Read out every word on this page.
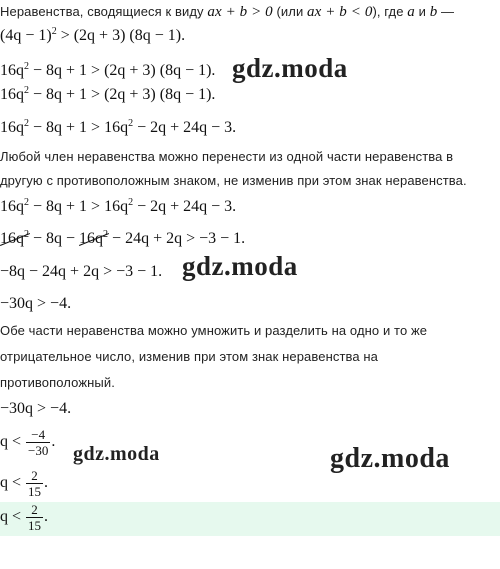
Неравенства, сводящиеся к виду ax + b > 0 (или ax + b < 0), где a и b —
$(4q - 1)^2 > (2q + 3)$ (8q − 1).
$16q^2 - 8q + 1 > (2q + 3) (8q - 1)$. gdz.moda
$16q^2 - 8q + 1 > (2q + 3) (8q - 1)$.
$16q^2 - 8q + 1 > 16q^2 - 2q + 24q - 3$.
Любой член неравенства можно перенести из одной части неравенства в
другую с противоположным знаком, не изменив при этом знак неравенства.
$16q^2 - 8q + 1 > 16q^2 - 2q + 24q - 3$.
$16q^2 - 8q - 16q^2 - 24q + 2q > -3 - 1$.
−8q − 24q + 2q > −3 − 1. gdz.moda
−30q > −4.
Обе части неравенства можно умножить и разделить на одно и то же
отрицательное число, изменив при этом знак неравенства на
противоположный.
−30q > −4.
$q < \frac{-4}{-30}$ .
gdz.moda	gdz.moda
$q < \frac{2}{15}$ .
$q < \frac{2}{15}$ .
